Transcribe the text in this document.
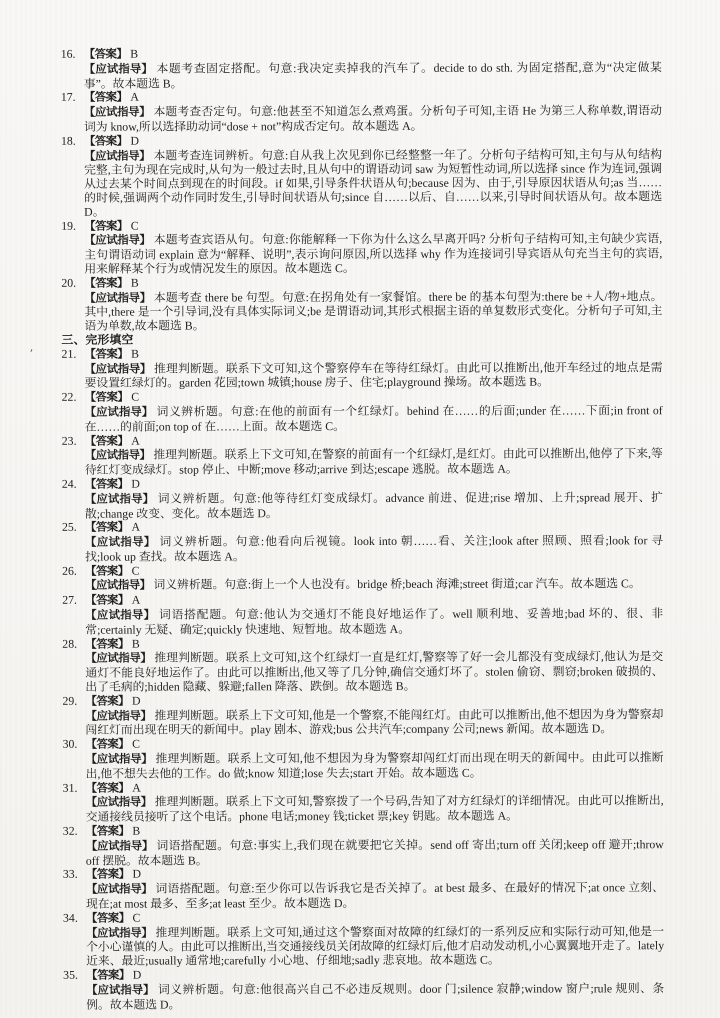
16. 【答案】 B
【应试指导】 本题考查固定搭配。句意:我决定卖掉我的汽车了。decide to do sth. 为固定搭配,意为“决定做某事”。故本题选 B。
17. 【答案】 A
【应试指导】 本题考查否定句。句意:他甚至不知道怎么煮鸡蛋。分析句子可知,主语 He 为第三人称单数,谓语动词为 know,所以选择助动词“dose + not”构成否定句。故本题选 A。
18. 【答案】 D
【应试指导】 本题考查连词辨析。句意:自从我上次见到你已经整整一年了。分析句子结构可知,主句与从句结构完整,主句为现在完成时,从句为一般过去时,且从句中的谓语动词 saw 为短暂性动词,所以选择 since 作为连词,强调从过去某个时间点到现在的时间段。if 如果,引导条件状语从句;because 因为、由于,引导原因状语从句;as 当……的时候,强调两个动作同时发生,引导时间状语从句;since 自……以后、自……以来,引导时间状语从句。故本题选 D。
19. 【答案】 C
【应试指导】 本题考查宾语从句。句意:你能解释一下你为什么这么早离开吗? 分析句子结构可知,主句缺少宾语,主句谓语动词 explain 意为“解释、说明”,表示询问原因,所以选择 why 作为连接词引导宾语从句充当主句的宾语,用来解释某个行为或情况发生的原因。故本题选 C。
20. 【答案】 B
【应试指导】 本题考查 there be 句型。句意:在拐角处有一家餐馆。there be 的基本句型为:there be +人/物+地点。其中,there 是一个引导词,没有具体实际词义;be 是谓语动词,其形式根据主语的单复数形式变化。分析句子可知,主语为单数,故本题选 B。
三、完形填空
21. 【答案】 B
【应试指导】 推理判断题。联系下文可知,这个警察停车在等待红绿灯。由此可以推断出,他开车经过的地点是需要设置红绿灯的。garden 花园;town 城镇;house 房子、住宅;playground 操场。故本题选 B。
22. 【答案】 C
【应试指导】 词义辨析题。句意:在他的前面有一个红绿灯。behind 在……的后面;under 在……下面;in front of 在……的前面;on top of 在……上面。故本题选 C。
23. 【答案】 A
【应试指导】 推理判断题。联系上下文可知,在警察的前面有一个红绿灯,是红灯。由此可以推断出,他停了下来,等待红灯变成绿灯。stop 停止、中断;move 移动;arrive 到达;escape 逃脱。故本题选 A。
24. 【答案】 D
【应试指导】 词义辨析题。句意:他等待红灯变成绿灯。advance 前进、促进;rise 增加、上升;spread 展开、扩散;change 改变、变化。故本题选 D。
25. 【答案】 A
【应试指导】 词义辨析题。句意:他看向后视镜。look into 朝……看、关注;look after 照顾、照看;look for 寻找;look up 查找。故本题选 A。
26. 【答案】 C
【应试指导】 词义辨析题。句意:街上一个人也没有。bridge 桥;beach 海滩;street 街道;car 汽车。故本题选 C。
27. 【答案】 A
【应试指导】 词语搭配题。句意:他认为交通灯不能良好地运作了。well 顺利地、妥善地;bad 坏的、很、非常;certainly 无疑、确定;quickly 快速地、短暂地。故本题选 A。
28. 【答案】 B
【应试指导】 推理判断题。联系上文可知,这个红绿灯一直是红灯,警察等了好一会儿都没有变成绿灯,他认为是交通灯不能良好地运作了。由此可以推断出,他又等了几分钟,确信交通灯坏了。stolen 偷窃、剽窃;broken 破损的、出了毛病的;hidden 隐藏、躲避;fallen 降落、跌倒。故本题选 B。
29. 【答案】 D
【应试指导】 推理判断题。联系上下文可知,他是一个警察,不能闯红灯。由此可以推断出,他不想因为身为警察却闯红灯而出现在明天的新闻中。play 剧本、游戏;bus 公共汽车;company 公司;news 新闻。故本题选 D。
30. 【答案】 C
【应试指导】 推理判断题。联系上文可知,他不想因为身为警察却闯红灯而出现在明天的新闻中。由此可以推断出,他不想失去他的工作。do 做;know 知道;lose 失去;start 开始。故本题选 C。
31. 【答案】 A
【应试指导】 推理判断题。联系上下文可知,警察拨了一个号码,告知了对方红绿灯的详细情况。由此可以推断出,交通接线员接听了这个电话。phone 电话;money 钱;ticket 票;key 钥匙。故本题选 A。
32. 【答案】 B
【应试指导】 词语搭配题。句意:事实上,我们现在就要把它关掉。send off 寄出;turn off 关闭;keep off 避开;throw off 摆脱。故本题选 B。
33. 【答案】 D
【应试指导】 词语搭配题。句意:至少你可以告诉我它是否关掉了。at best 最多、在最好的情况下;at once 立刻、现在;at most 最多、至多;at least 至少。故本题选 D。
34. 【答案】 C
【应试指导】 推理判断题。联系上文可知,通过这个警察面对故障的红绿灯的一系列反应和实际行动可知,他是一个小心谨慎的人。由此可以推断出,当交通接线员关闭故障的红绿灯后,他才启动发动机,小心翼翼地开走了。lately 近来、最近;usually 通常地;carefully 小心地、仔细地;sadly 悲哀地。故本题选 C。
35. 【答案】 D
【应试指导】 词义辨析题。句意:他很高兴自己不必违反规则。door 门;silence 寂静;window 窗户;rule 规则、条例。故本题选 D。
’
